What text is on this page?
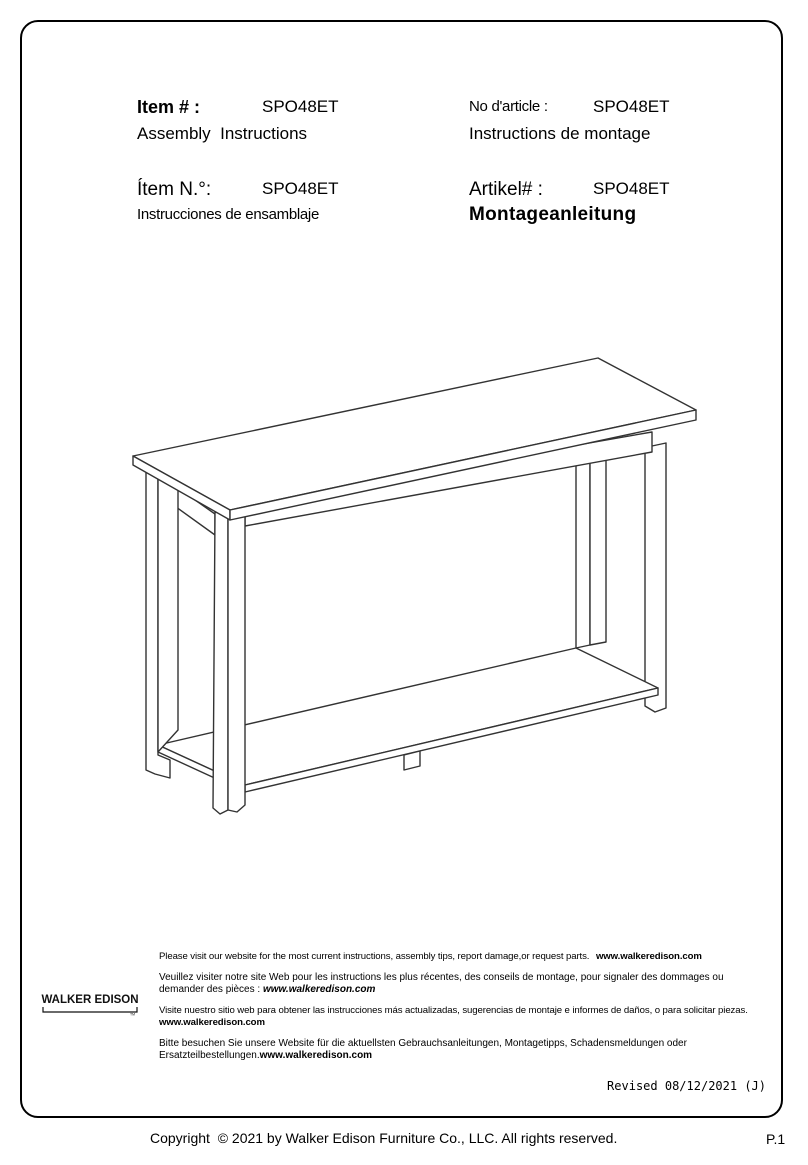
Item # :	SPO48ET
Assembly  Instructions
No d'article :	SPO48ET
Instructions de montage
Ítem N.°:	SPO48ET
Instrucciones de ensamblaje
Artikel# :	SPO48ET
Montageanleitung
WALKER EDISON
TM
Please visit our website for the most current instructions, assembly tips, report damage,or request parts. www.walkeredison.com
Veuillez visiter notre site Web pour les instructions les plus récentes, des conseils de montage, pour signaler des dommages ou demander des pièces : www.walkeredison.com
Visite nuestro sitio web para obtener las instrucciones más actualizadas, sugerencias de montaje e informes de daños, o para solicitar piezas. www.walkeredison.com
Bitte besuchen Sie unsere Website für die aktuellsten Gebrauchsanleitungen, Montagetipps, Schadensmeldungen oder Ersatzteilbestellungen.www.walkeredison.com
Revised 08/12/2021 (J)
Copyright  © 2021 by Walker Edison Furniture Co., LLC. All rights reserved.	P.1
